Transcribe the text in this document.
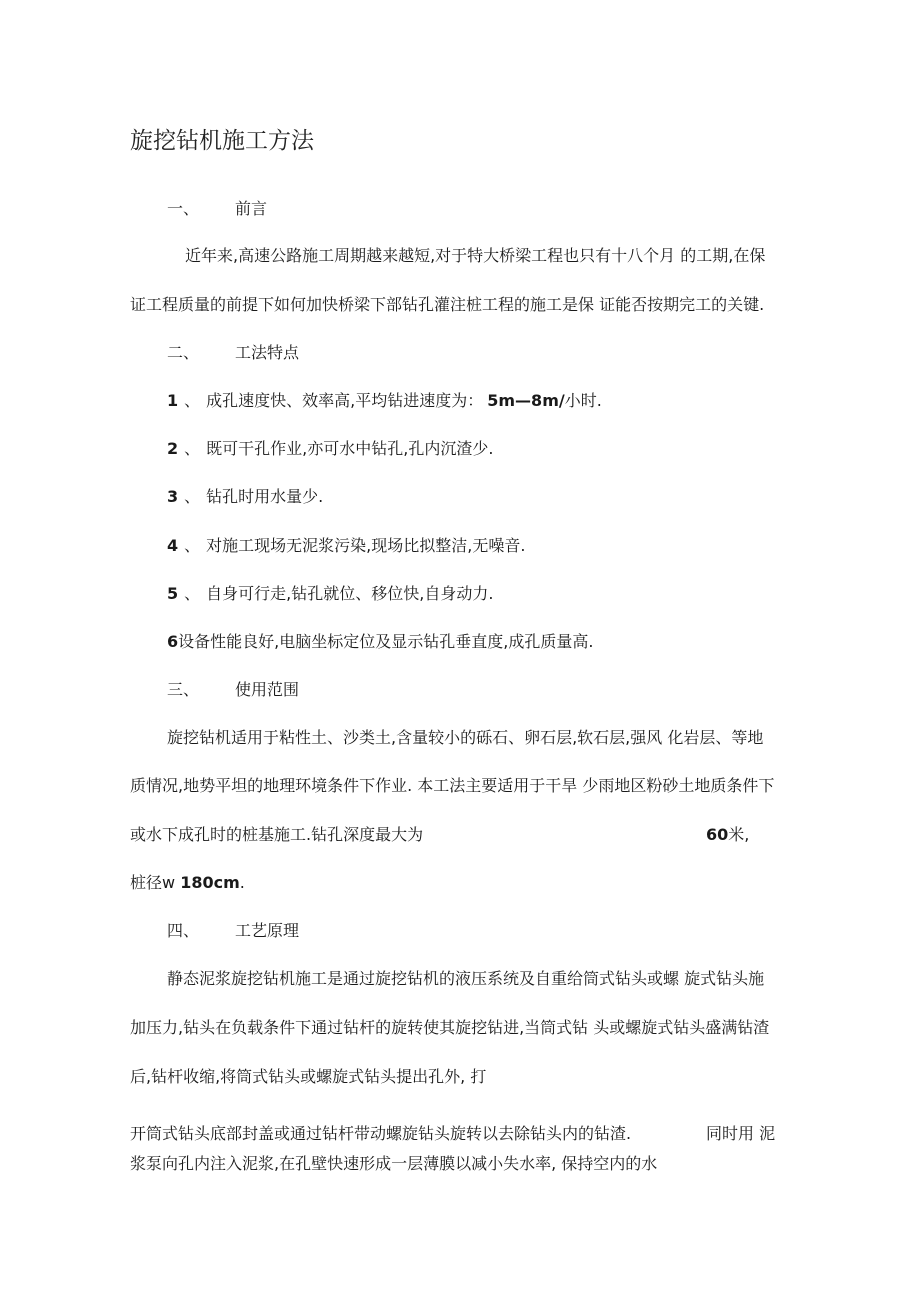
旋挖钻机施工方法
一、 前言
近年来,高速公路施工周期越来越短,对于特大桥梁工程也只有十八个月 的工期,在保
证工程质量的前提下如何加快桥梁下部钻孔灌注桩工程的施工是保 证能否按期完工的关键.
二、 工法特点
1 、 成孔速度快、效率高,平均钻进速度为： 5m—8m/小时.
2 、 既可干孔作业,亦可水中钻孔,孔内沉渣少.
3 、 钻孔时用水量少.
4 、 对施工现场无泥浆污染,现场比拟整洁,无噪音.
5 、 自身可行走,钻孔就位、移位快,自身动力.
6设备性能良好,电脑坐标定位及显示钻孔垂直度,成孔质量高.
三、 使用范围
旋挖钻机适用于粘性土、沙类土,含量较小的砾石、卵石层,软石层,强风 化岩层、等地
质情况,地势平坦的地理环境条件下作业. 本工法主要适用于干旱 少雨地区粉砂土地质条件下
或水下成孔时的桩基施工.钻孔深度最大为	60米,
桩径w 180cm.
四、 工艺原理
静态泥浆旋挖钻机施工是通过旋挖钻机的液压系统及自重给筒式钻头或螺 旋式钻头施
加压力,钻头在负载条件下通过钻杆的旋转使其旋挖钻进,当筒式钻 头或螺旋式钻头盛满钻渣
后,钻杆收缩,将筒式钻头或螺旋式钻头提出孔外, 打
开筒式钻头底部封盖或通过钻杆带动螺旋钻头旋转以去除钻头内的钻渣.	同时用 泥
浆泵向孔内注入泥浆,在孔壁快速形成一层薄膜以减小失水率, 保持空内的水
